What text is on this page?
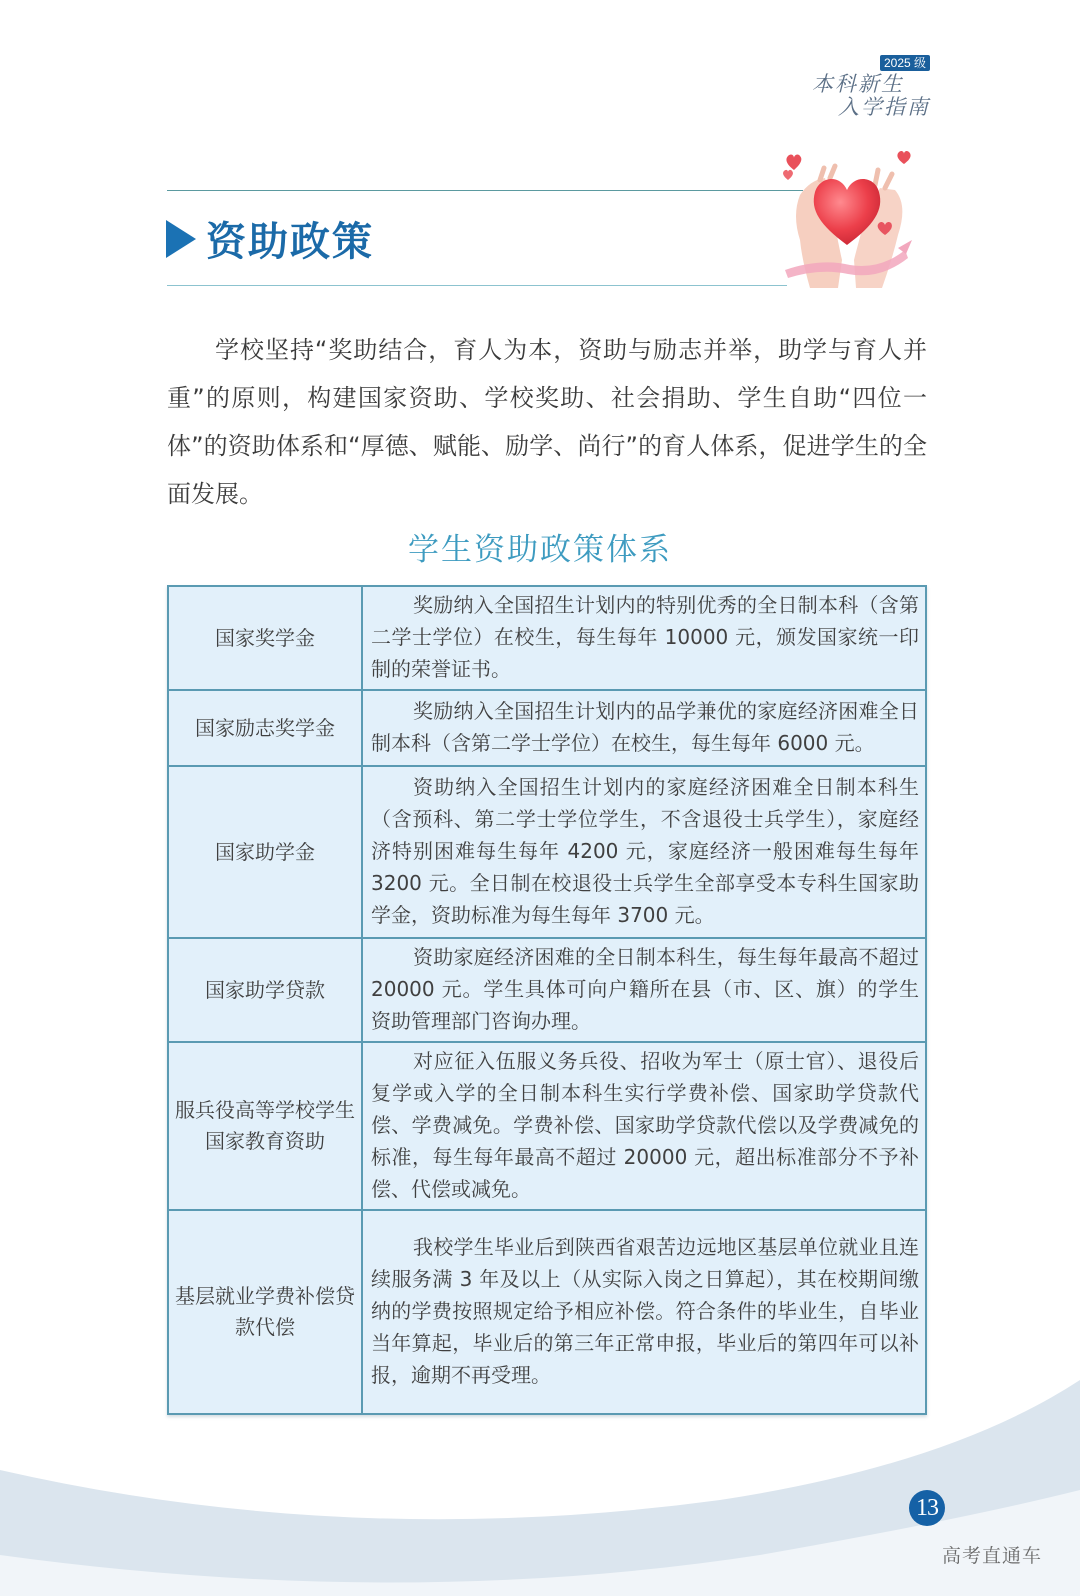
2025 级
本科新生
入学指南
资助政策

学校坚持“奖助结合，育人为本，资助与励志并举，助学与育人并重”的原则，构建国家资助、学校奖助、社会捐助、学生自助“四位一体”的资助体系和“厚德、赋能、励学、尚行”的育人体系，促进学生的全面发展。

学生资助政策体系
国家奖学金	奖励纳入全国招生计划内的特别优秀的全日制本科（含第二学士学位）在校生，每生每年 10000 元，颁发国家统一印制的荣誉证书。
国家励志奖学金	奖励纳入全国招生计划内的品学兼优的家庭经济困难全日制本科（含第二学士学位）在校生，每生每年 6000 元。
国家助学金	资助纳入全国招生计划内的家庭经济困难全日制本科生（含预科、第二学士学位学生，不含退役士兵学生），家庭经济特别困难每生每年 4200 元，家庭经济一般困难每生每年 3200 元。全日制在校退役士兵学生全部享受本专科生国家助学金，资助标准为每生每年 3700 元。
国家助学贷款	资助家庭经济困难的全日制本科生，每生每年最高不超过 20000 元。学生具体可向户籍所在县（市、区、旗）的学生资助管理部门咨询办理。
服兵役高等学校学生国家教育资助	对应征入伍服义务兵役、招收为军士（原士官）、退役后复学或入学的全日制本科生实行学费补偿、国家助学贷款代偿、学费减免。学费补偿、国家助学贷款代偿以及学费减免的标准，每生每年最高不超过 20000 元，超出标准部分不予补偿、代偿或减免。
基层就业学费补偿贷款代偿	我校学生毕业后到陕西省艰苦边远地区基层单位就业且连续服务满 3 年及以上（从实际入岗之日算起），其在校期间缴纳的学费按照规定给予相应补偿。符合条件的毕业生，自毕业当年算起，毕业后的第三年正常申报，毕业后的第四年可以补报，逾期不再受理。
13
高考直通车
